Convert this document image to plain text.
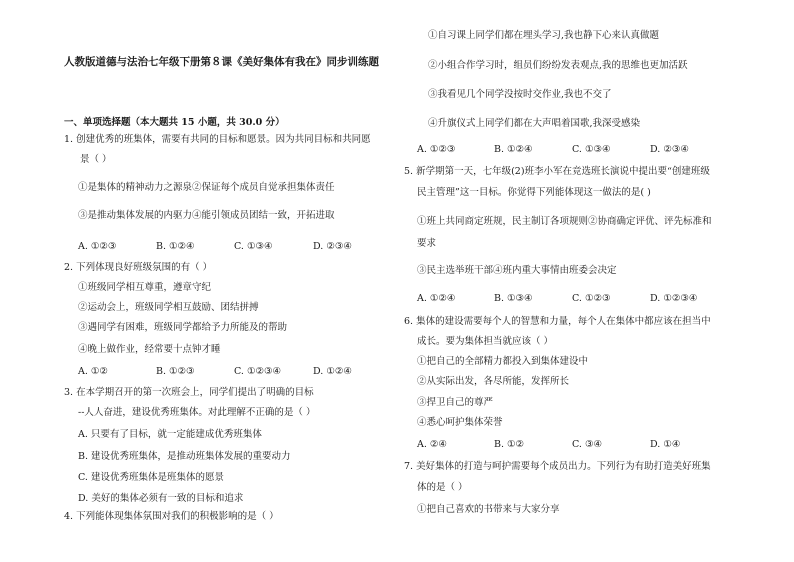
人教版道德与法治七年级下册第８课《美好集体有我在》同步训练题
一、单项选择题（本大题共 15 小题，共 30.0 分）
1. 创建优秀的班集体，需要有共同的目标和愿景。因为共同目标和共同愿
景（ ）
①是集体的精神动力之源泉②保证每个成员自觉承担集体责任
③是推动集体发展的内驱力④能引领成员团结一致，开拓进取
2. 下列体现良好班级氛围的有（ ）
①班级同学相互尊重，遵章守纪
②运动会上，班级同学相互鼓励、团结拼搏
③遇同学有困难，班级同学都给予力所能及的帮助
④晚上做作业，经常要十点钟才睡
3. 在本学期召开的第一次班会上，同学们提出了明确的目标
--人人奋进，建设优秀班集体。对此理解不正确的是（ ）
A. 只要有了目标，就一定能建成优秀班集体
B. 建设优秀班集体，是推动班集体发展的重要动力
C. 建设优秀班集体是班集体的愿景
D. 美好的集体必须有一致的目标和追求
4. 下列能体现集体氛围对我们的积极影响的是（ ）
A. ①②③	B. ①②④	C. ①③④	D. ②③④
A. ①②	B. ①②③	C. ①②③④	D. ①②④
①自习课上同学们都在埋头学习,我也静下心来认真做题
②小组合作学习时，组员们纷纷发表观点,我的思维也更加活跃
③我看见几个同学没按时交作业,我也不交了
④升旗仪式上同学们都在大声唱着国歌,我深受感染
5. 新学期第一天，七年级(2)班李小军在竞选班长演说中提出要“创建班级
民主管理”这一目标。你觉得下列能体现这一做法的是( )
①班上共同商定班规，民主制订各项规则②协商确定评优、评先标准和
要求
③民主选举班干部④班内重大事情由班委会决定
6. 集体的建设需要每个人的智慧和力量，每个人在集体中都应该在担当中
成长。要为集体担当就应该（ ）
①把自己的全部精力都投入到集体建设中
②从实际出发，各尽所能，发挥所长
③捍卫自己的尊严
④悉心呵护集体荣誉
7. 美好集体的打造与呵护需要每个成员出力。下列行为有助打造美好班集
体的是（ ）
①把自己喜欢的书带来与大家分享
A. ①②③	B. ①②④	C. ①③④	D. ②③④
A. ①②④	B. ①③④	C. ①②③	D. ①②③④
A. ②④	B. ①②	C. ③④	D. ①④
